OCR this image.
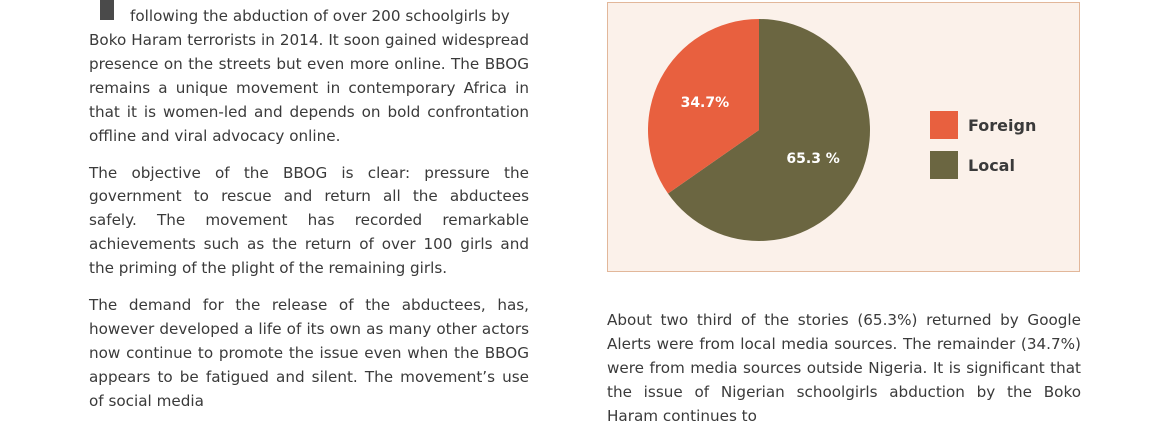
following the abduction of over 200 schoolgirls by

Boko Haram terrorists in 2014. It soon gained widespread presence on the streets but even more online. The BBOG remains a unique movement in contemporary Africa in that it is women-led and depends on bold confrontation offline and viral advocacy online.

The objective of the BBOG is clear: pressure the government to rescue and return all the abductees safely. The movement has recorded remarkable achievements such as the return of over 100 girls and the priming of the plight of the remaining girls.

The demand for the release of the abductees, has, however developed a life of its own as many other actors now continue to promote the issue even when the BBOG appears to be fatigued and silent. The movement’s use of social media

65.3 %
34.7%
Foreign
Local

About two third of the stories (65.3%) returned by Google Alerts were from local media sources. The remainder (34.7%) were from media sources outside Nigeria. It is significant that the issue of Nigerian schoolgirls abduction by the Boko Haram continues to
